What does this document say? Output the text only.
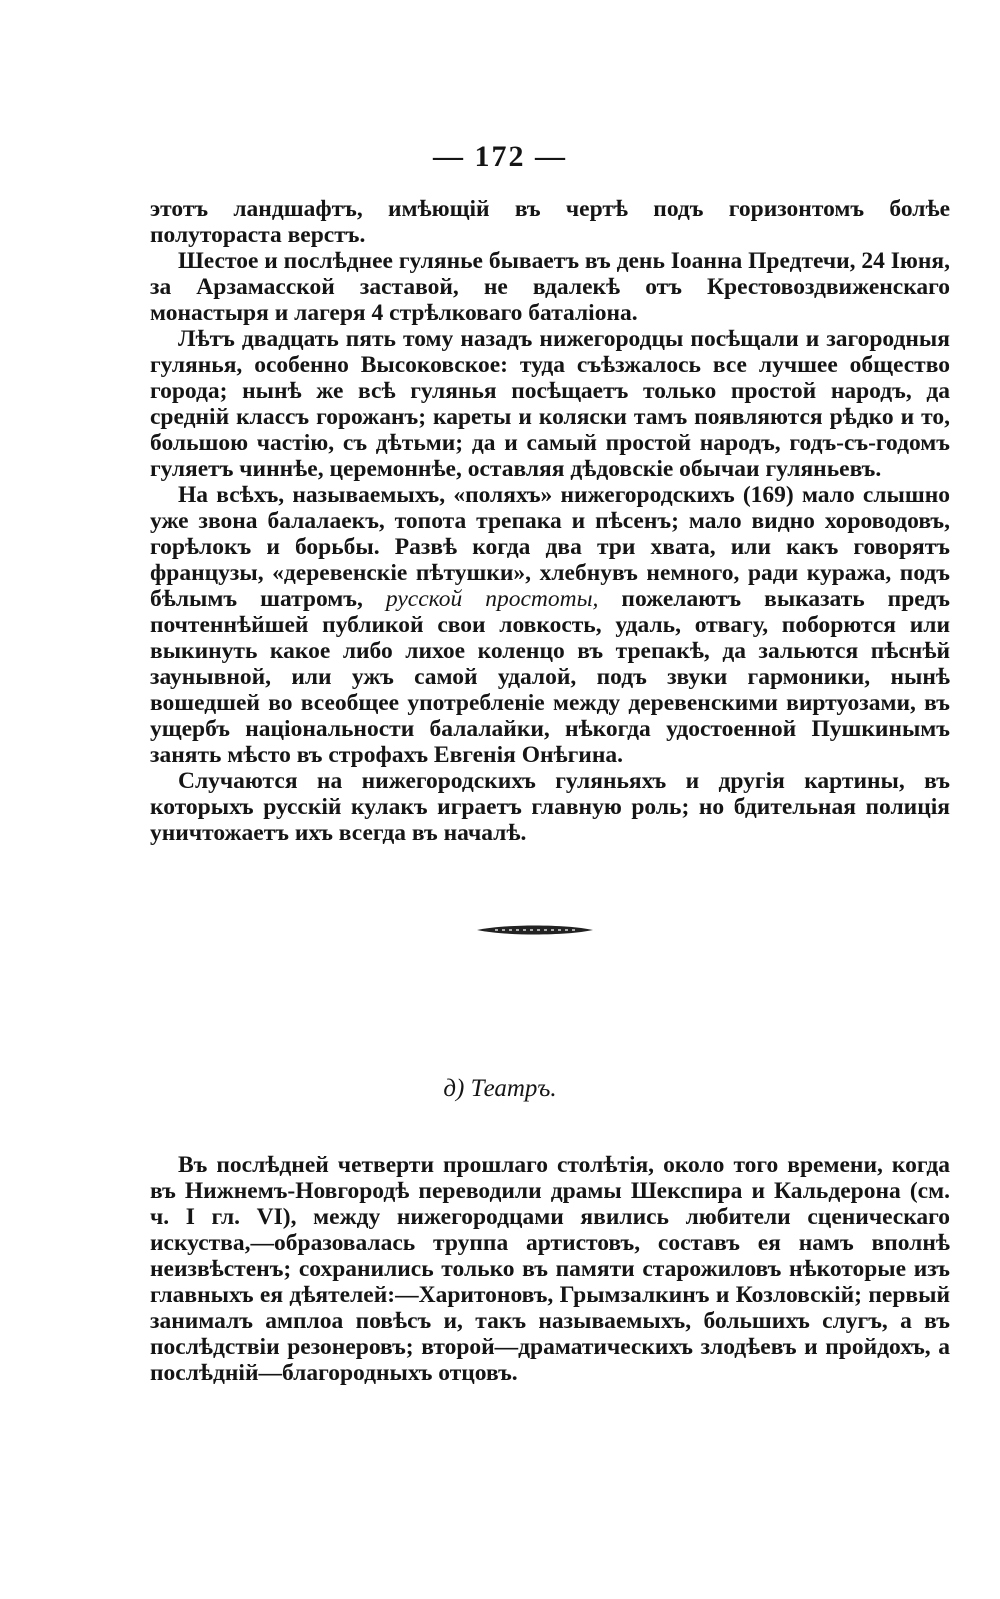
— 172 —

этотъ ландшафтъ, имѣющій въ чертѣ подъ горизонтомъ болѣе полутораста верстъ.

Шестое и послѣднее гулянье бываетъ въ день Іоанна Предтечи, 24 Іюня, за Арзамасской заставой, не вдалекѣ отъ Крестовоздвиженскаго монастыря и лагеря 4 стрѣлковаго баталіона.

Лѣтъ двадцать пять тому назадъ нижегородцы посѣщали и загородныя гулянья, особенно Высоковское: туда съѣзжалось все лучшее общество города; нынѣ же всѣ гулянья посѣщаетъ только простой народъ, да средній классъ горожанъ; кареты и коляски тамъ появляются рѣдко и то, большою частію, съ дѣтьми; да и самый простой народъ, годъ-съ-годомъ гуляетъ чиннѣе, церемоннѣе, оставляя дѣдовскіе обычаи гуляньевъ.

На всѣхъ, называемыхъ, «поляхъ» нижегородскихъ (169) мало слышно уже звона балалаекъ, топота трепака и пѣсенъ; мало видно хороводовъ, горѣлокъ и борьбы. Развѣ когда два три хвата, или какъ говорятъ французы, «деревенскіе пѣтушки», хлебнувъ немного, ради куража, подъ бѣлымъ шатромъ, русской простоты, пожелаютъ выказать предъ почтеннѣйшей публикой свои ловкость, удаль, отвагу, поборются или выкинуть какое либо лихое коленцо въ трепакѣ, да зальются пѣснѣй заунывной, или ужъ самой удалой, подъ звуки гармоники, нынѣ вошедшей во всеобщее употребленіе между деревенскими виртуозами, въ ущербъ національности балалайки, нѣкогда удостоенной Пушкинымъ занять мѣсто въ строфахъ Евгенія Онѣгина.

Случаются на нижегородскихъ гуляньяхъ и другія картины, въ которыхъ русскій кулакъ играетъ главную роль; но бдительная полиція уничтожаетъ ихъ всегда въ началѣ.

д) Театръ.

Въ послѣдней четверти прошлаго столѣтія, около того времени, когда въ Нижнемъ-Новгородѣ переводили драмы Шекспира и Кальдерона (см. ч. I гл. VI), между нижегородцами явились любители сценическаго искуства,—образовалась труппа артистовъ, составъ ея намъ вполнѣ неизвѣстенъ; сохранились только въ памяти старожиловъ нѣкоторые изъ главныхъ ея дѣятелей:—Харитоновъ, Грымзалкинъ и Козловскій; первый занималъ амплоа повѣсъ и, такъ называемыхъ, большихъ слугъ, а въ послѣдствіи резонеровъ; второй—драматическихъ злодѣевъ и пройдохъ, а послѣдній—благородныхъ отцовъ.
